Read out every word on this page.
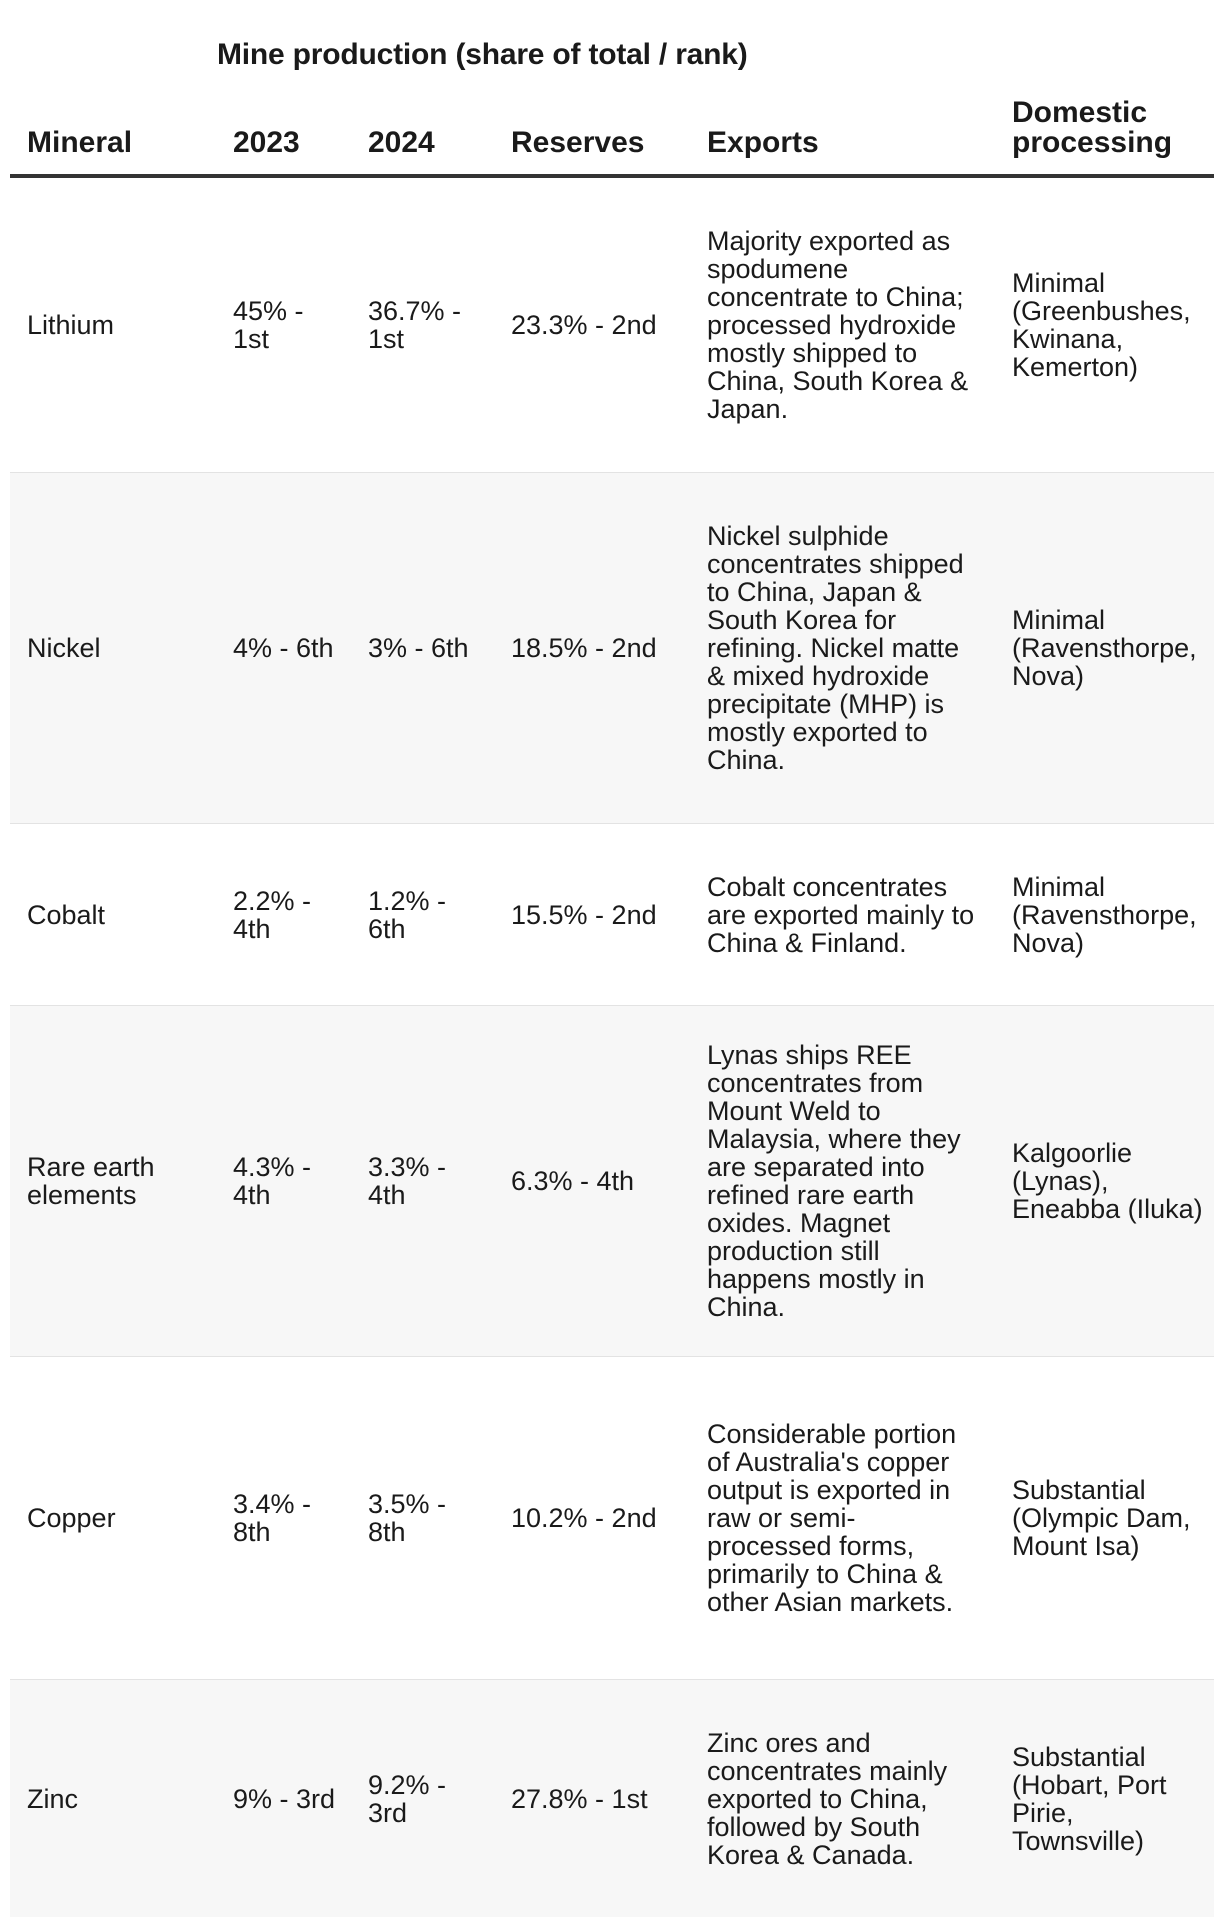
Mine production (share of total / rank)
Mineral	2023	2024	Reserves	Exports	Domestic processing
Lithium	45% - 1st	36.7% - 1st	23.3% - 2nd	Majority exported as spodumene concentrate to China; processed hydroxide mostly shipped to China, South Korea & Japan.	Minimal (Greenbushes, Kwinana, Kemerton)
Nickel	4% - 6th	3% - 6th	18.5% - 2nd	Nickel sulphide concentrates shipped to China, Japan & South Korea for refining. Nickel matte & mixed hydroxide precipitate (MHP) is mostly exported to China.	Minimal (Ravensthorpe, Nova)
Cobalt	2.2% - 4th	1.2% - 6th	15.5% - 2nd	Cobalt concentrates are exported mainly to China & Finland.	Minimal (Ravensthorpe, Nova)
Rare earth elements	4.3% - 4th	3.3% - 4th	6.3% - 4th	Lynas ships REE concentrates from Mount Weld to Malaysia, where they are separated into refined rare earth oxides. Magnet production still happens mostly in China.	Kalgoorlie (Lynas), Eneabba (Iluka)
Copper	3.4% - 8th	3.5% - 8th	10.2% - 2nd	Considerable portion of Australia's copper output is exported in raw or semi-processed forms, primarily to China & other Asian markets.	Substantial (Olympic Dam, Mount Isa)
Zinc	9% - 3rd	9.2% - 3rd	27.8% - 1st	Zinc ores and concentrates mainly exported to China, followed by South Korea & Canada.	Substantial (Hobart, Port Pirie, Townsville)
